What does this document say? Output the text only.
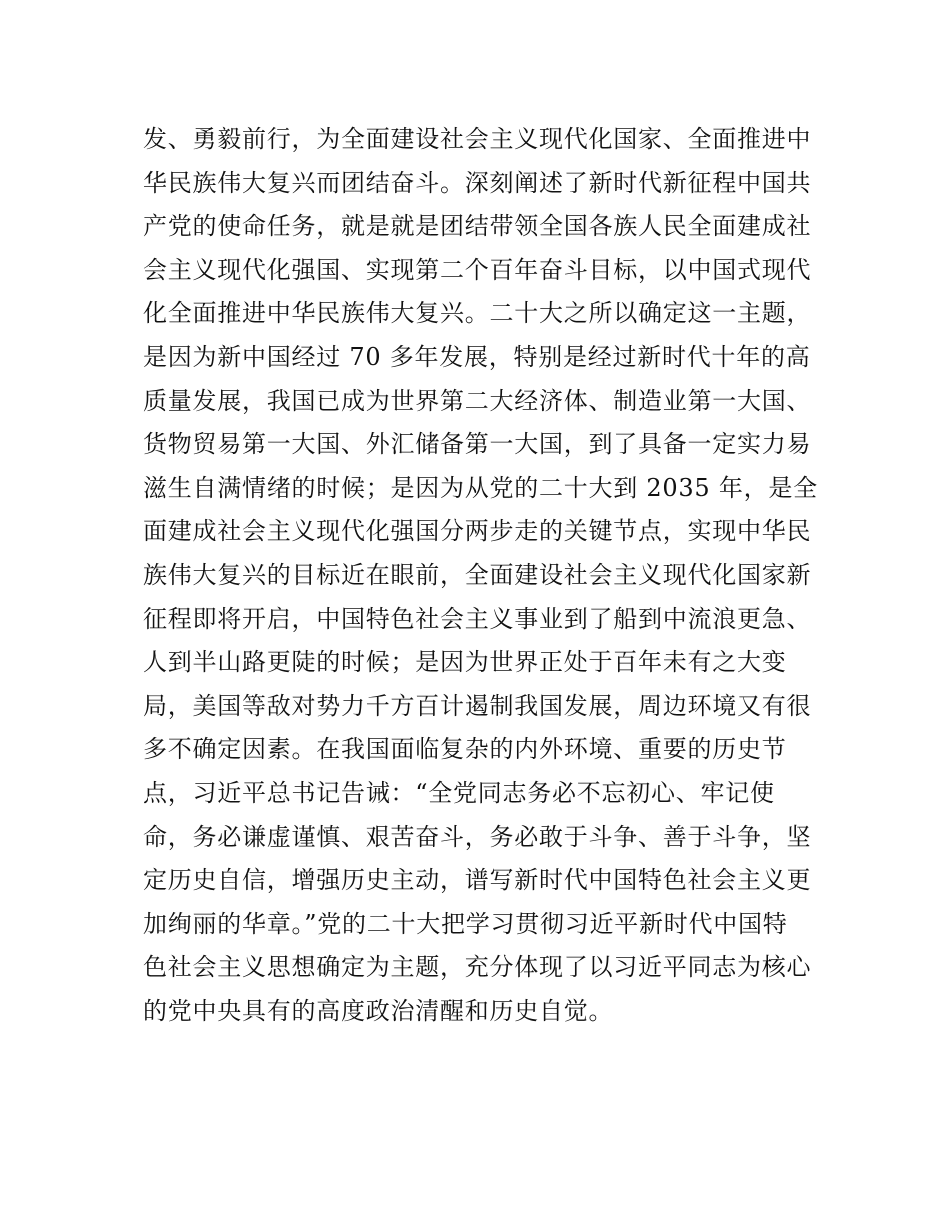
发、勇毅前行，为全面建设社会主义现代化国家、全面推进中
华民族伟大复兴而团结奋斗。深刻阐述了新时代新征程中国共
产党的使命任务，就是就是团结带领全国各族人民全面建成社
会主义现代化强国、实现第二个百年奋斗目标，以中国式现代
化全面推进中华民族伟大复兴。二十大之所以确定这一主题，
是因为新中国经过 70 多年发展，特别是经过新时代十年的高
质量发展，我国已成为世界第二大经济体、制造业第一大国、
货物贸易第一大国、外汇储备第一大国，到了具备一定实力易
滋生自满情绪的时候；是因为从党的二十大到 2035 年，是全
面建成社会主义现代化强国分两步走的关键节点，实现中华民
族伟大复兴的目标近在眼前，全面建设社会主义现代化国家新
征程即将开启，中国特色社会主义事业到了船到中流浪更急、
人到半山路更陡的时候；是因为世界正处于百年未有之大变
局，美国等敌对势力千方百计遏制我国发展，周边环境又有很
多不确定因素。在我国面临复杂的内外环境、重要的历史节
点，习近平总书记告诫：“全党同志务必不忘初心、牢记使
命，务必谦虚谨慎、艰苦奋斗，务必敢于斗争、善于斗争，坚
定历史自信，增强历史主动，谱写新时代中国特色社会主义更
加绚丽的华章。”党的二十大把学习贯彻习近平新时代中国特
色社会主义思想确定为主题，充分体现了以习近平同志为核心
的党中央具有的高度政治清醒和历史自觉。
